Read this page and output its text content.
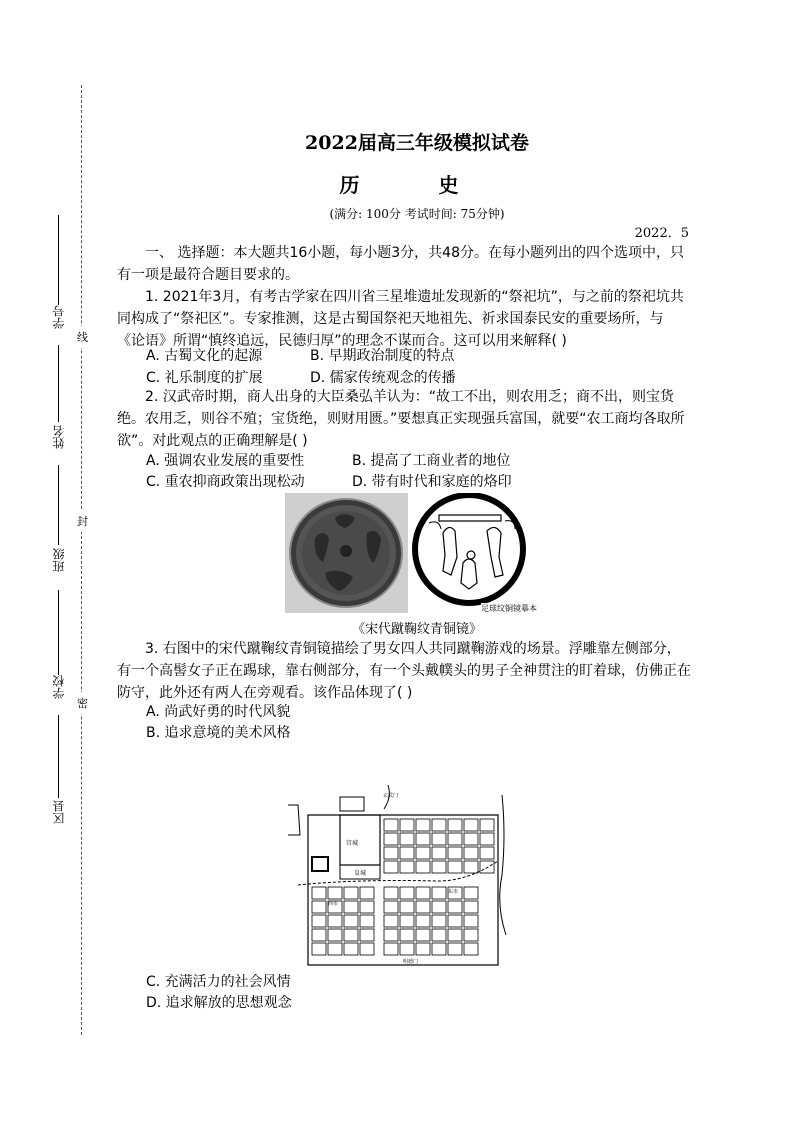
线
封
密
学号
姓名
班级
学校
区县
2022届高三年级模拟试卷
历 史
(满分: 100分 考试时间: 75分钟)
2022．5
一、 选择题：本大题共16小题，每小题3分，共48分。在每小题列出的四个选项中，只有一项是最符合题目要求的。
1. 2021年3月，有考古学家在四川省三星堆遗址发现新的“祭祀坑”，与之前的祭祀坑共同构成了“祭祀区”。专家推测，这是古蜀国祭祀天地祖先、祈求国泰民安的重要场所，与《论语》所谓“慎终追远，民德归厚”的理念不谋而合。这可以用来解释( )
A. 古蜀文化的起源	B. 早期政治制度的特点
C. 礼乐制度的扩展	D. 儒家传统观念的传播
2. 汉武帝时期，商人出身的大臣桑弘羊认为：“故工不出，则农用乏；商不出，则宝货绝。农用乏，则谷不殖；宝货绝，则财用匮。”要想真正实现强兵富国，就要“农工商均各取所欲”。对此观点的正确理解是( )
A. 强调农业发展的重要性	B. 提高了工商业者的地位
C. 重农抑商政策出现松动	D. 带有时代和家庭的烙印
足球纹铜镜摹本
《宋代蹴鞠纹青铜镜》
3. 右图中的宋代蹴鞠纹青铜镜描绘了男女四人共同蹴鞠游戏的场景。浮雕靠左侧部分，有一个高髻女子正在踢球，靠右侧部分，有一个头戴幞头的男子全神贯注的盯着球，仿佛正在防守，此外还有两人在旁观看。该作品体现了( )
A. 尚武好勇的时代风貌
B. 追求意境的美术风格
宫城
皇城
西市
东市
玄武门
明德门
C. 充满活力的社会风情
D. 追求解放的思想观念
